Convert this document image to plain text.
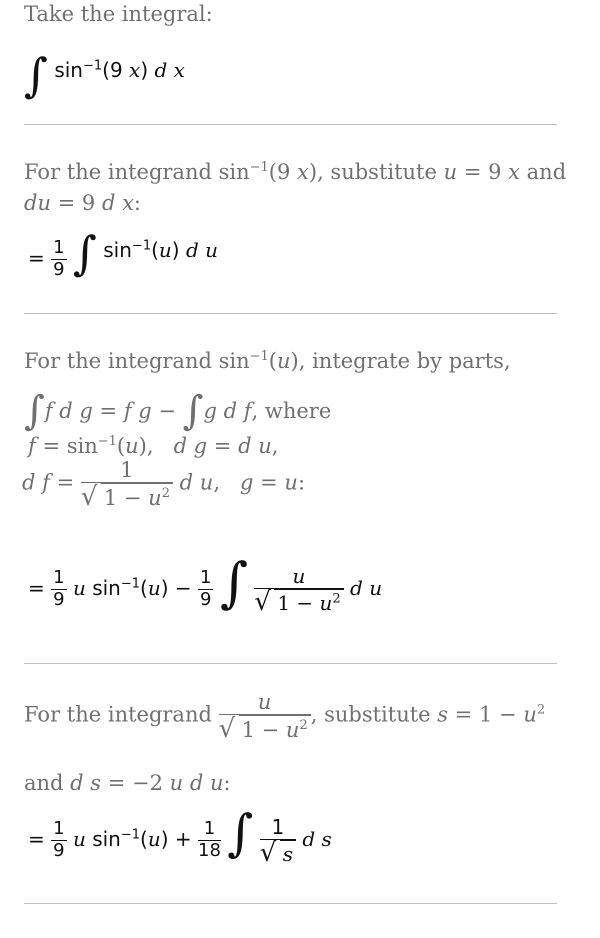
Take the integral:
∫ $\sin^{-1}(9$ x) d x
For the integrand $\sin^{-1}(9$ x), substitute u = 9 x and
du = 9 d x:
= $\frac{1}{9}$ ∫ $\sin^{-1}(u)$ d u
For the integrand $\sin^{-1}(u)$, integrate by parts,
∫f d g = f g − ∫g d f, where
$f = \sin^{-1}(u)$,   d g = d u,
d $f = \frac{1}{√ 1 - u^2}$ d u,   g = u:
= $\frac{1}{9}$ u $\sin^{-1}(u) - \frac{1}{9}$ ∫ $\frac{u}{√ 1 - u^2}$ d u
For the integrand $\frac{u}{√ 1 - u^2}$ , substitute $s = 1 - u^2$
and d s = −2 u d u:
= $\frac{1}{9}$ u $\sin^{-1}(u) + \frac{1}{18}$ ∫ $\frac{1}{√ s}$ d s
